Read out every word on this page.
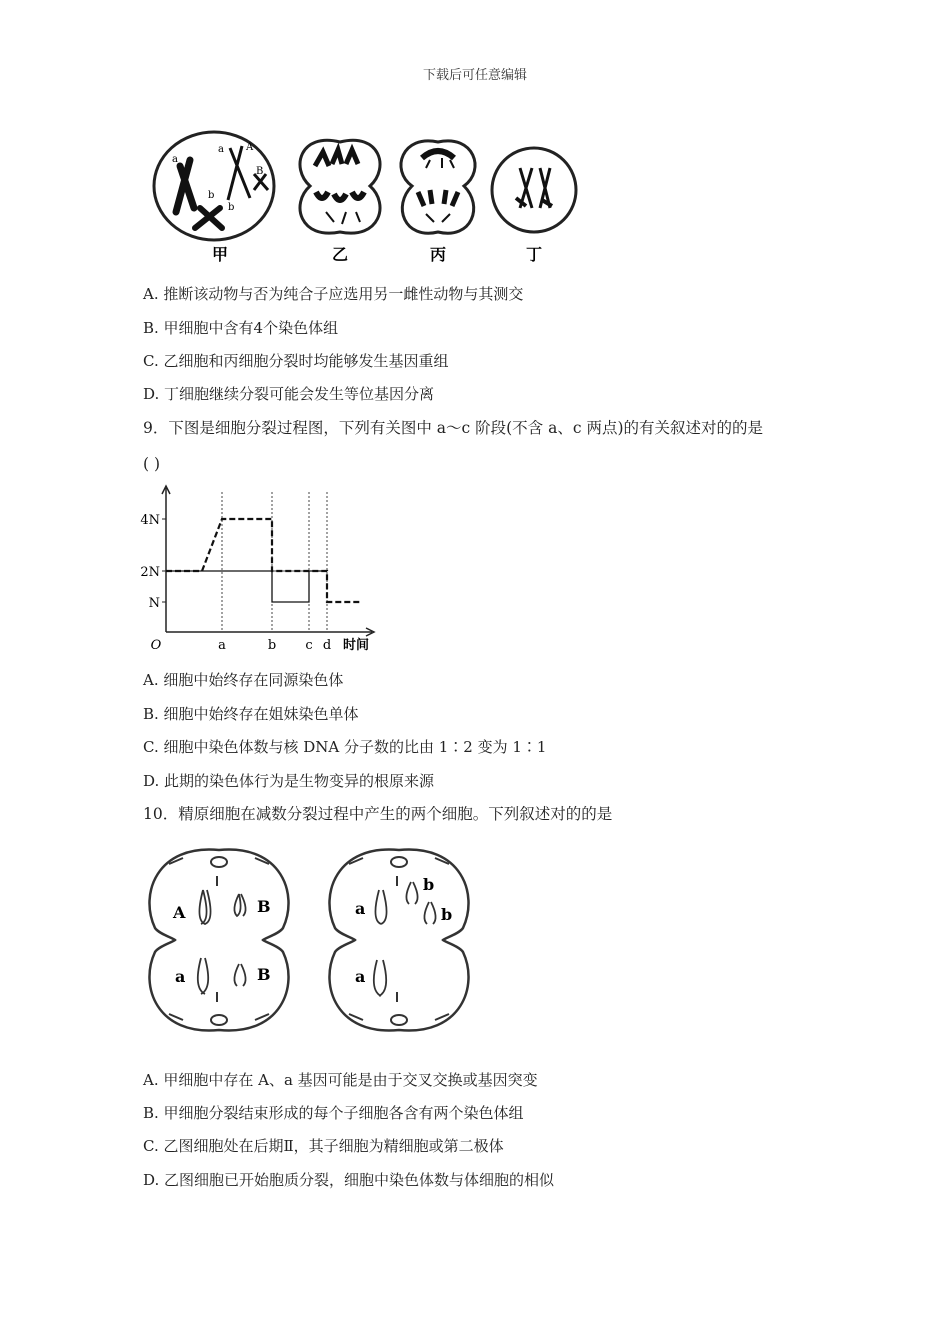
下载后可任意编辑
a
a A
B
b
b
甲	乙	丙	丁
A. 推断该动物与否为纯合子应选用另一雌性动物与其测交
B. 甲细胞中含有4个染色体组
C. 乙细胞和丙细胞分裂时均能够发生基因重组
D. 丁细胞继续分裂可能会发生等位基因分离
9．下图是细胞分裂过程图，下列有关图中 a～c 阶段(不含 a、c 两点)的有关叙述对的的是
( )
4N
2N
N
O	a	b c d 时间
A. 细胞中始终存在同源染色体
B. 细胞中始终存在姐妹染色单体
C. 细胞中染色体数与核 DNA 分子数的比由 1∶2 变为 1∶1
D. 此期的染色体行为是生物变异的根原来源
10．精原细胞在减数分裂过程中产生的两个细胞。下列叙述对的的是
A	B
a	B
a
b
b
a
A. 甲细胞中存在 A、a 基因可能是由于交叉交换或基因突变
B. 甲细胞分裂结束形成的每个子细胞各含有两个染色体组
C. 乙图细胞处在后期Ⅱ，其子细胞为精细胞或第二极体
D. 乙图细胞已开始胞质分裂，细胞中染色体数与体细胞的相似
